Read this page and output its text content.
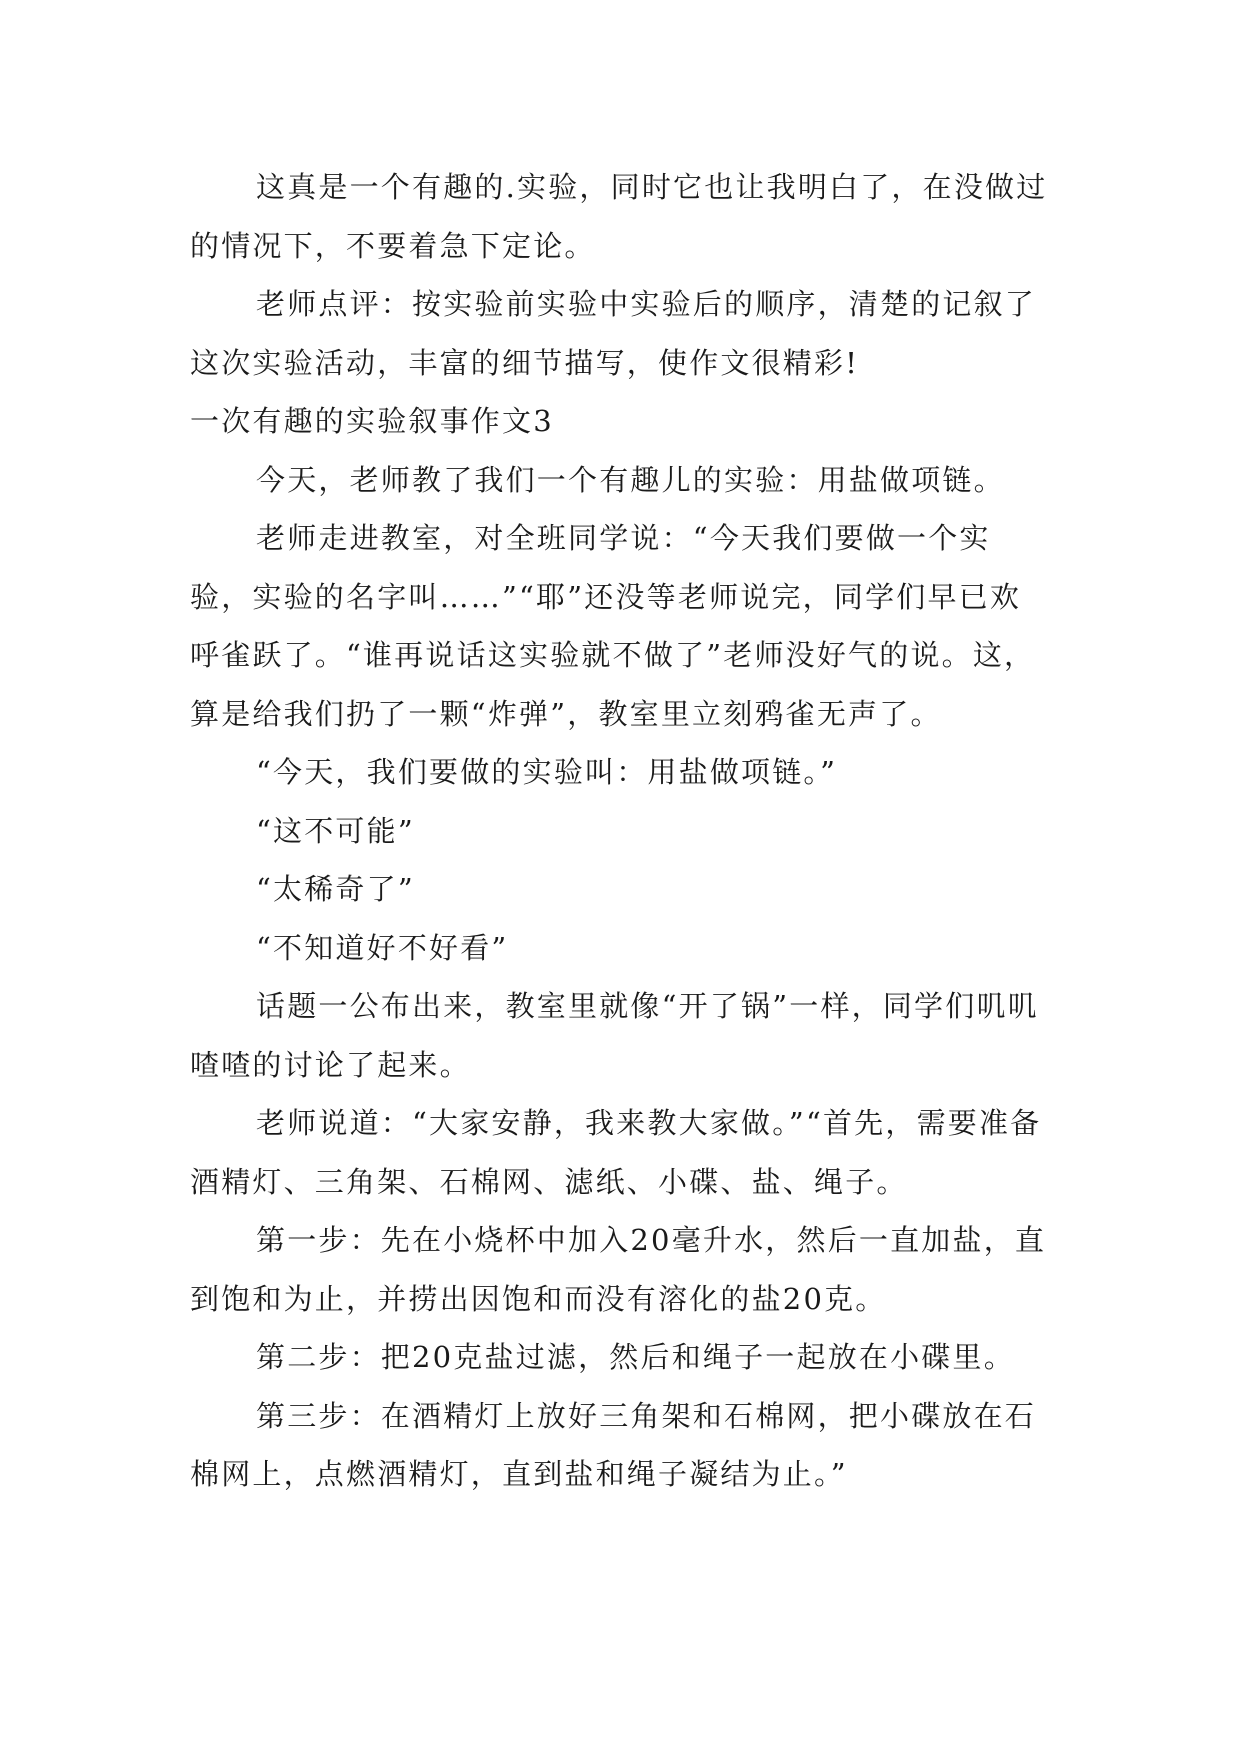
这真是一个有趣的.实验，同时它也让我明白了，在没做过的情况下，不要着急下定论。

老师点评：按实验前实验中实验后的顺序，清楚的记叙了这次实验活动，丰富的细节描写，使作文很精彩!

一次有趣的实验叙事作文3

今天，老师教了我们一个有趣儿的实验：用盐做项链。

老师走进教室，对全班同学说：“今天我们要做一个实验，实验的名字叫……”“耶”还没等老师说完，同学们早已欢呼雀跃了。“谁再说话这实验就不做了”老师没好气的说。这，算是给我们扔了一颗“炸弹”，教室里立刻鸦雀无声了。

“今天，我们要做的实验叫：用盐做项链。”

“这不可能”

“太稀奇了”

“不知道好不好看”

话题一公布出来，教室里就像“开了锅”一样，同学们叽叽喳喳的讨论了起来。

老师说道：“大家安静，我来教大家做。”“首先，需要准备酒精灯、三角架、石棉网、滤纸、小碟、盐、绳子。

第一步：先在小烧杯中加入20毫升水，然后一直加盐，直到饱和为止，并捞出因饱和而没有溶化的盐20克。

第二步：把20克盐过滤，然后和绳子一起放在小碟里。

第三步：在酒精灯上放好三角架和石棉网，把小碟放在石棉网上，点燃酒精灯，直到盐和绳子凝结为止。”
